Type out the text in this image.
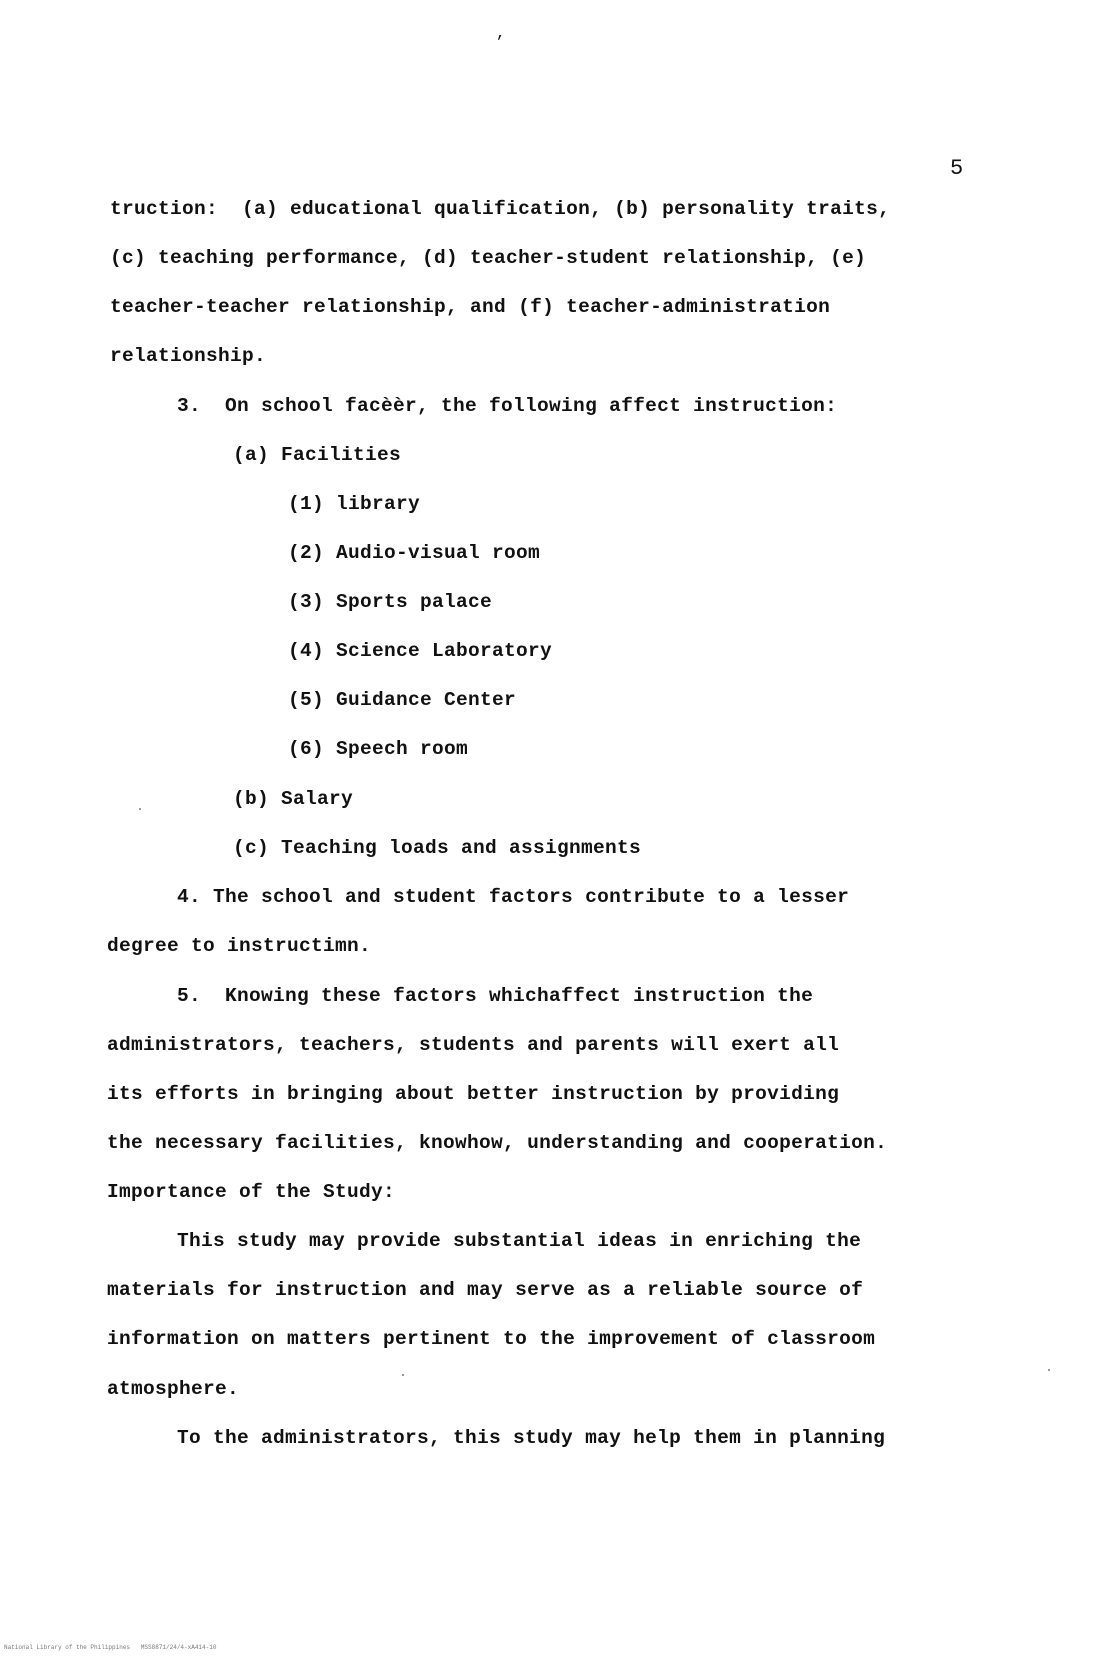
,
5
truction:  (a) educational qualification, (b) personality traits,
(c) teaching performance, (d) teacher-student relationship, (e)
teacher-teacher relationship, and (f) teacher-administration
relationship.
3.  On school facèèr, the following affect instruction:
(a) Facilities
(1) library
(2) Audio-visual room
(3) Sports palace
(4) Science Laboratory
(5) Guidance Center
(6) Speech room
(b) Salary
(c) Teaching loads and assignments
4. The school and student factors contribute to a lesser
degree to instructimn.
5.  Knowing these factors whichaffect instruction the
administrators, teachers, students and parents will exert all
its efforts in bringing about better instruction by providing
the necessary facilities, knowhow, understanding and cooperation.
Importance of the Study:
This study may provide substantial ideas in enriching the
materials for instruction and may serve as a reliable source of
information on matters pertinent to the improvement of classroom
atmosphere.
To the administrators, this study may help them in planning
National Library of the Philippines   MSS8871/24/4-xA414-10
